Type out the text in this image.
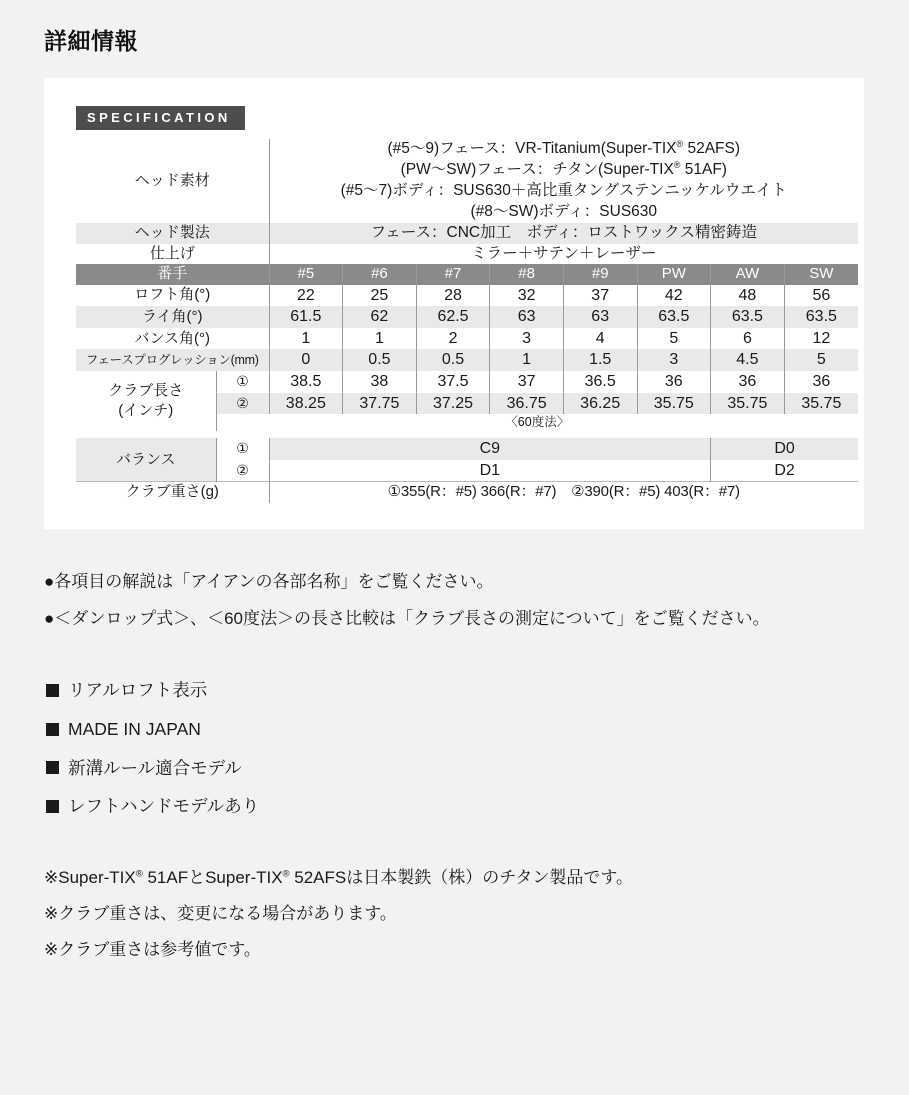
詳細情報
SPECIFICATION
ヘッド素材		(#5〜9)フェース：VR-Titanium(Super-TIX® 52AFS)
(PW〜SW)フェース：チタン(Super-TIX® 51AF)
(#5〜7)ボディ：SUS630＋高比重タングステンニッケルウエイト
(#8〜SW)ボディ：SUS630							

ヘッド製法		フェース：CNC加工　ボディ：ロストワックス精密鋳造							
仕上げ		ミラー＋サテン＋レーザー							
番手		#5	#6	#7	#8	#9	PW	AW	SW
ロフト角(°)		22	25	28	32	37	42	48	56
ライ角(°)		61.5	62	62.5	63	63	63.5	63.5	63.5
バンス角(°)		1	1	2	3	4	5	6	12
フェースプログレッション(mm)		0	0.5	0.5	1	1.5	3	4.5	5

クラブ長さ
(インチ)	①	38.5	38	37.5	37	36.5	36	36	36
	②	38.25	37.75	37.25	36.75	36.25	35.75	35.75	35.75
	〈60度法〉								

バランス	①	C9						D0	
	②	D1						D2	
クラブ重さ(g)		①355(R：#5) 366(R：#7)　②390(R：#5) 403(R：#7)							

●各項目の解説は「アイアンの各部名称」をご覧ください。

●＜ダンロップ式＞、＜60度法＞の長さ比較は「クラブ長さの測定について」をご覧ください。

リアルロフト表示
MADE IN JAPAN
新溝ルール適合モデル
レフトハンドモデルあり

※Super-TIX® 51AFとSuper-TIX® 52AFSは日本製鉄（株）のチタン製品です。

※クラブ重さは、変更になる場合があります。

※クラブ重さは参考値です。
